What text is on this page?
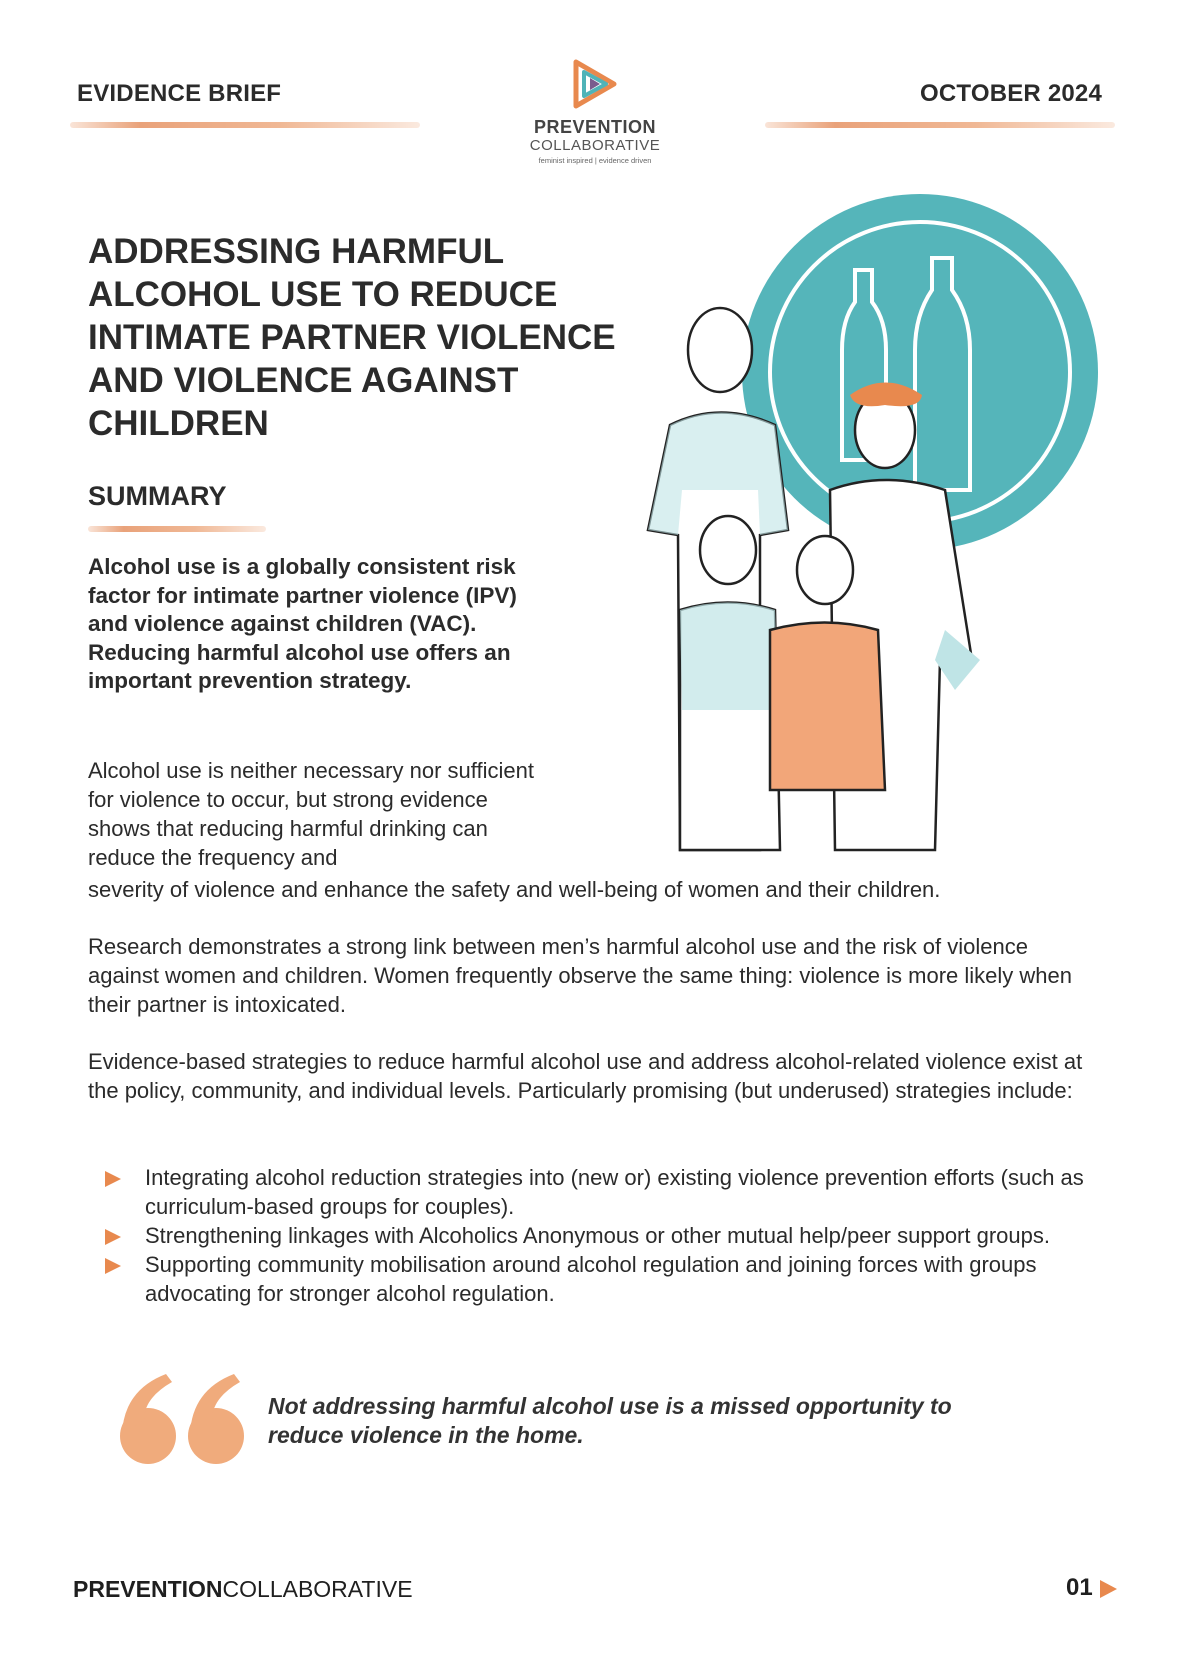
EVIDENCE BRIEF
PREVENTION
COLLABORATIVE
feminist inspired | evidence driven
OCTOBER 2024
ADDRESSING HARMFUL ALCOHOL USE TO REDUCE INTIMATE PARTNER VIOLENCE AND VIOLENCE AGAINST CHILDREN
SUMMARY

Alcohol use is a globally consistent risk factor for intimate partner violence (IPV) and violence against children (VAC). Reducing harmful alcohol use offers an important prevention strategy.

Alcohol use is neither necessary nor sufficient for violence to occur, but strong evidence shows that reducing harmful drinking can reduce the frequency and

severity of violence and enhance the safety and well-being of women and their children.

Research demonstrates a strong link between men’s harmful alcohol use and the risk of violence against women and children. Women frequently observe the same thing: violence is more likely when their partner is intoxicated.

Evidence-based strategies to reduce harmful alcohol use and address alcohol-related violence exist at the policy, community, and individual levels. Particularly promising (but underused) strategies include:

Integrating alcohol reduction strategies into (new or) existing violence prevention efforts (such as curriculum-based groups for couples).
Strengthening linkages with Alcoholics Anonymous or other mutual help/peer support groups.
Supporting community mobilisation around alcohol regulation and joining forces with groups advocating for stronger alcohol regulation.

Not addressing harmful alcohol use is a missed opportunity to reduce violence in the home.

PREVENTIONCOLLABORATIVE	01
